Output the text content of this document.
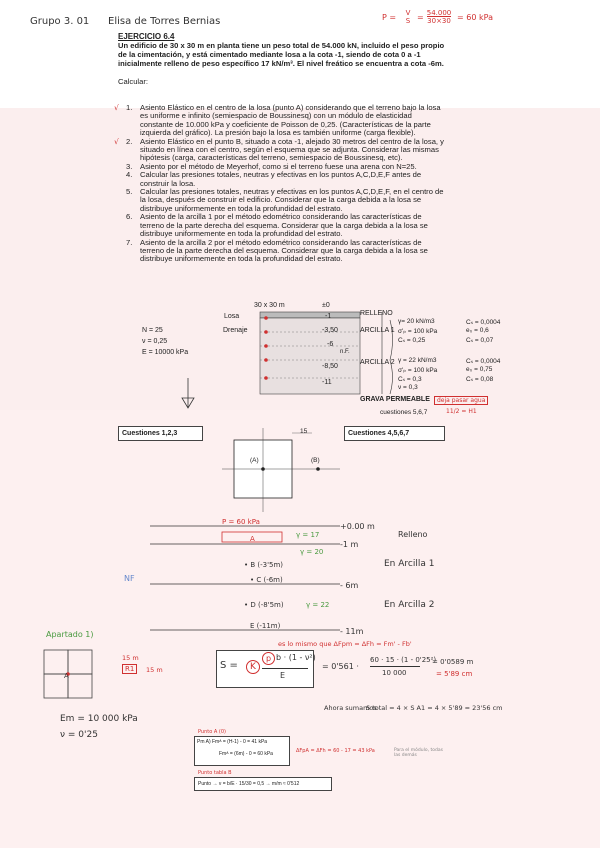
Grupo 3. 01 Elisa de Torres Bernias	P =	V
S = 54.000
30×30 = 60 kPa
EJERCICIO 6.4
Un edificio de 30 x 30 m en planta tiene un peso total de 54.000 kN, incluido el peso propio de la cimentación, y está cimentado mediante losa a la cota -1, siendo de cota 0 a -1 inicialmente relleno de peso específico 17 kN/m³. El nivel freático se encuentra a cota -6m.
Calcular:
√ 1. Asiento Elástico en el centro de la losa (punto A) considerando que el terreno bajo la losa es uniforme e infinito (semiespacio de Boussinesq) con un módulo de elasticidad constante de 10.000 kPa y coeficiente de Poisson de 0,25. (Características de la parte izquierda del gráfico). La presión bajo la losa es también uniforme (carga flexible).
√ 2. Asiento Elástico en el punto B, situado a cota -1, alejado 30 metros del centro de la losa, y situado en línea con el centro, según el esquema que se adjunta. Considerar las mismas hipótesis (carga, características del terreno, semiespacio de Boussinesq, etc).
3. Asiento por el método de Meyerhof, como si el terreno fuese una arena con N=25.
4. Calcular las presiones totales, neutras y efectivas en los puntos A,C,D,E,F antes de construir la losa.
5. Calcular las presiones totales, neutras y efectivas en los puntos A,C,D,E,F, en el centro de la losa, después de construir el edificio. Considerar que la carga debida a la losa se distribuye uniformemente en toda la profundidad del estrato.
6. Asiento de la arcilla 1 por el método edométrico considerando las características de terreno de la parte derecha del esquema. Considerar que la carga debida a la losa se distribuye uniformemente en toda la profundidad del estrato.
7. Asiento de la arcilla 2 por el método edométrico considerando las características de terreno de la parte derecha del esquema. Considerar que la carga debida a la losa se distribuye uniformemente en toda la profundidad del estrato.
30 x 30 m
Losa
Drenaje
N = 25
ν = 0,25
E = 10000 kPa
±0
-1
-3,50
-6
n.F.
-8,50
-11
RELLENO
γ= 20 kN/m3
ARCILLA 1 σ'ₚ = 100 kPa
Cₛ = 0,25
Cₛ = 0,0004
e₀ = 0,6
Cₛ = 0,07
ARCILLA 2 γ = 22 kN/m3
σ'ₚ = 100 kPa
Cₛ = 0,3
ν = 0,3
Cₛ = 0,0004
e₀ = 0,75
Cₛ = 0,08
GRAVA PERMEABLE	deja pasar agua
cuestiones 5,6,7	11/2 = H1
Cuestiones 1,2,3	Cuestiones 4,5,6,7
15
(A)	(B)
P = 60 kPa	+0.00 m
-1 m
A	γ = 17
γ = 20
• B (-3'5m)
• C (-6m)
- 6m
• D (-8'5m)	γ = 22
E (-11m)
- 11m
NF
Relleno
En Arcilla 1
En Arcilla 2
Apartado 1)
A
15 m
R1	15 m
es lo mismo que ΔFpm = ΔFh = Fm' - Fb'
S =	K
p b · (1 - ν²)
E
= 0'561 ·
60 · 15 · (1 - 0'25²)
10 000
= 0'0589 m
= 5'89 cm
Ahora sumamos
S total = 4 × S A1 = 4 × 5'89 = 23'56 cm
Em = 10 000 kPa
ν = 0'25	Punto A (0)
Pm A) Fmᴬ = (H-1) - 0 = 41 kPa
Fmᴬ = (6m) - 0 = 60 kPa	ΔFpA = ΔFh = 60 - 17 = 43 kPa	Para el módulo, todas las demás
Punto tabla B
Punto → ν = b/E · 15/30 = 0,5 → m/m ≈ 0'512
